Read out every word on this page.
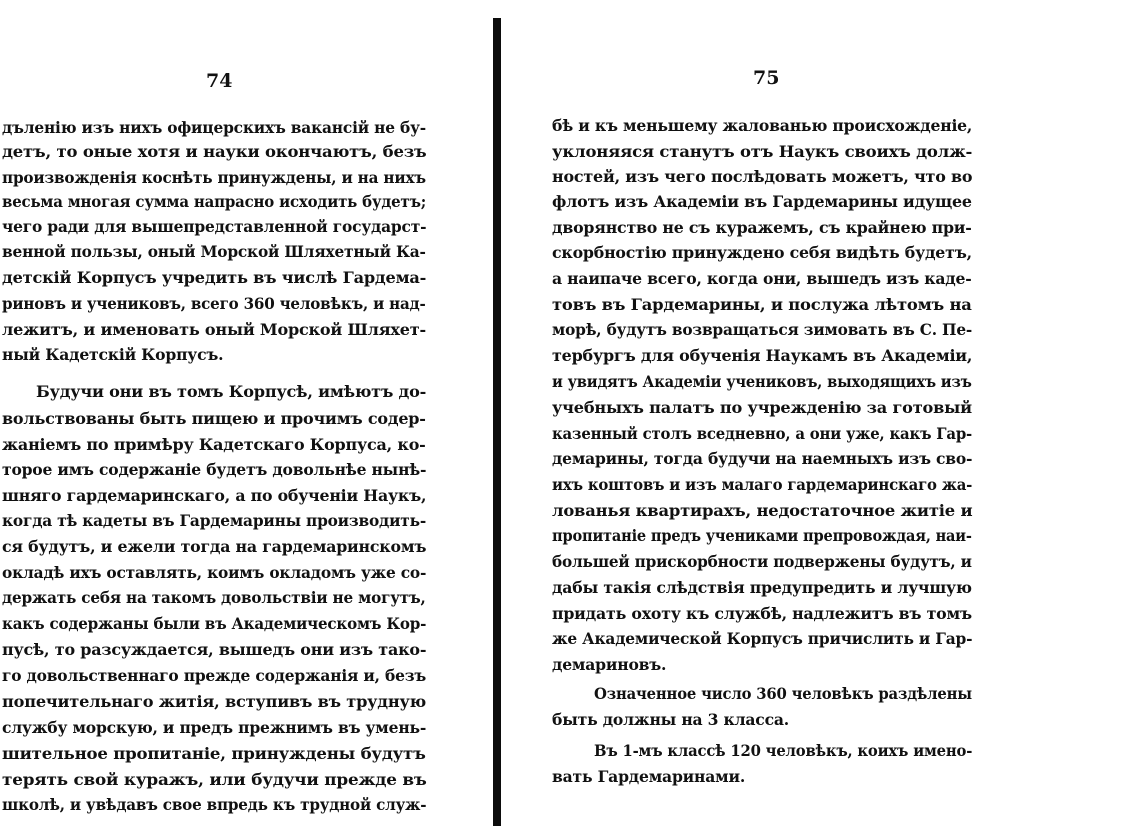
74
дъленію изъ нихъ офицерскихъ вакансій не бу-
детъ, то оныe хотя и науки окончаютъ, безъ
произвожденія коснѣть принуждены, и на нихъ
весьма многая сумма напрасно исходить будетъ;
чего ради для вышепредставленной государст-
венной пользы, оный Морской Шляхетный Ка-
детскій Корпусъ учредить въ числѣ Гардема-
риновъ и учениковъ, всего 360 человѣкъ, и над-
лежитъ, и именовать оный Морской Шляхет-
ный Кадетскій Корпусъ.
Будучи они въ томъ Корпусѣ, имѣютъ до-
вольствованы быть пищею и прочимъ содер-
жаніемъ по примѣру Кадетскаго Корпуса, ко-
торое имъ содержаніе будетъ довольнѣе нынѣ-
шняго гардемаринскаго, а по обученіи Наукъ,
когда тѣ кадеты въ Гардемарины производить-
ся будутъ, и ежели тогда на гардемаринскомъ
окладѣ ихъ оставлять, коимъ окладомъ уже со-
держать себя на такомъ довольствіи не могутъ,
какъ содержаны были въ Академическомъ Кор-
пусѣ, то разсуждается, вышедъ они изъ тако-
го довольственнаго прежде содержанія и, безъ
попечительнаго житія, вступивъ въ трудную
службу морскую, и предъ прежнимъ въ умень-
шительное пропитаніе, принуждены будутъ
терять свой куражъ, или будучи прежде въ
школѣ, и увѣдавъ свое впредь къ трудной служ-
75
бѣ и къ меньшему жалованью происхожденіе,
уклоняяся станутъ отъ Наукъ своихъ долж-
ностей, изъ чего послѣдовать можетъ, что во
флотъ изъ Академіи въ Гардемарины идущее
дворянство не съ куражемъ, съ крайнею при-
скорбностію принуждено себя видѣть будетъ,
а наипаче всего, когда они, вышедъ изъ каде-
товъ въ Гардемарины, и послужа лѣтомъ на
морѣ, будутъ возвращаться зимовать въ С. Пе-
тербургъ для обученія Наукамъ въ Академіи,
и увидятъ Академіи учениковъ, выходящихъ изъ
учебныхъ палатъ по учрежденію за готовый
казенный столъ вседневно, а они уже, какъ Гар-
демарины, тогда будучи на наемныхъ изъ сво-
ихъ коштовъ и изъ малаго гардемаринскаго жа-
лованья квартирахъ, недостаточное житіе и
пропитаніе предъ учениками препровождая, наи-
большей прискорбности подвержены будутъ, и
дабы такія слѣдствія предупредить и лучшую
придать охоту къ службѣ, надлежитъ въ томъ
же Академической Корпусъ причислить и Гар-
демариновъ.
Означенное число 360 человѣкъ раздѣлены
быть должны на 3 класса.
Въ 1-мъ классѣ 120 человѣкъ, коихъ имено-
вать Гардемаринами.
